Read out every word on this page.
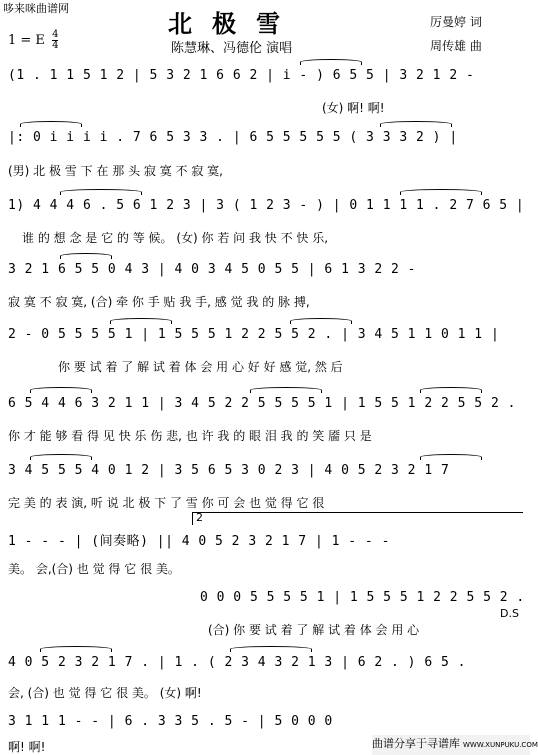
哆来咪曲谱网
北极雪
1 = E $\frac{4}{4}$	陈慧琳、冯德伦 演唱
厉曼婷 词
周传雄 曲
(1 . 1 1 5 1 2 | 5 3 2 1 6 6 2 | i - ) 6 5 5 | 3 2 1 2 -
(女) 啊! 啊!
|: 0 i i i i . 7 6 5 3 3 . | 6 5 5 5 5 5 ( 3 3 3 2 ) |
(男) 北 极 雪 下 在 那 头 寂 寞 不 寂 寞,
1) 4 4 4 6 . 5 6 1 2 3 | 3 ( 1 2 3 - ) | 0 1 1 1 1 . 2 7 6 5 |
谁 的 想 念 是 它 的 等 候。 (女) 你 若 问 我 快 不 快 乐,
3 2 1 6 5 5 0 4 3 | 4 0 3 4 5 0 5 5 | 6 1 3 2 2 -
寂 寞 不 寂 寞, (合) 牵 你 手 贴 我 手, 感 觉 我 的 脉 搏,
2 - 0 5 5 5 5 1 | 1 5 5 5 1 2 2 5 5 2 . | 3 4 5 1 1 0 1 1 |
你 要 试 着 了 解 试 着 体 会 用 心 好 好 感 觉, 然 后
6 5 4 4 6 3 2 1 1 | 3 4 5 2 2 5 5 5 5 1 | 1 5 5 1 2 2 5 5 2 .
你 才 能 够 看 得 见 快 乐 伤 悲, 也 许 我 的 眼 泪 我 的 笑 靥 只 是
3 4 5 5 5 4 0 1 2 | 3 5 6 5 3 0 2 3 | 4 0 5 2 3 2 1 7
完 美 的 表 演, 听 说 北 极 下 了 雪 你 可 会 也 觉 得 它 很
2
1 - - - | (间奏略) || 4 0 5 2 3 2 1 7 | 1 - - -
美。 会,(合) 也 觉 得 它 很 美。
0 0 0 5 5 5 5 1 | 1 5 5 5 1 2 2 5 5 2 .
D.S
(合) 你 要 试 着 了 解 试 着 体 会 用 心
4 0 5 2 3 2 1 7 . | 1 . ( 2 3 4 3 2 1 3 | 6 2 . ) 6 5 .
会, (合) 也 觉 得 它 很 美。 (女) 啊!
3 1 1 1 - - | 6 . 3 3 5 . 5 - | 5 0 0 0
啊! 啊!	曲谱分享于寻谱库 WWW.XUNPUKU.COM
